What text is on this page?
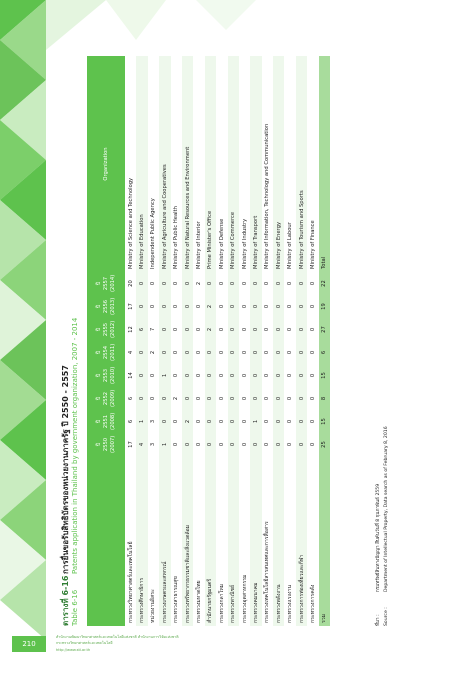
210
สำนักงานพัฒนาวิทยาศาสตร์และเทคโนโลยีแห่งชาติ สำนักงานการวิจัยแห่งชาติ
กระทรวงวิทยาศาสตร์และเทคโนโลยี
http://www.sti.or.th
ตารางที่ 6-16
การยื่นขอรับสิทธิบัตรของหน่วยงานภาครัฐ ปี 2550 - 2557
Table 6-16
Patents application in Thailand by government organization, 2007 - 2014
		ปี 2550
(2007)	ปี 2551
(2008)	ปี 2552
(2009)	ปี 2553
(2010)	ปี 2554
(2011)	ปี 2555
(2012)	ปี 2556
(2013)	ปี 2557
(2014)	Organization
กระทรวงวิทยาศาสตร์และเทคโนโลยี	17	6	6	14	4	12	17	20	Ministry of Science and Technology
กระทรวงศึกษาธิการ	4	1	0	0	0	6	0	0	Ministry of Education
หน่วยงานอิสระ	3	3	0	0	2	7	0	0	Independent Public Agency
กระทรวงเกษตรและสหกรณ์	1	0	0	1	0	0	0	0	Ministry of Agriculture and Cooperatives
กระทรวงสาธารณสุข	0	0	2	0	0	0	0	0	Ministry of Public Health
กระทรวงทรัพยากรธรรมชาติและสิ่งแวดล้อม	0	2	0	0	0	0	0	0	Ministry of Natural Resources and Environment
กระทรวงมหาดไทย	0	0	0	0	0	0	0	2	Ministry of Interior
สำนักนายกรัฐมนตรี	0	0	0	0	0	2	2	0	Prime Minister's Office
กระทรวงกลาโหม	0	0	0	0	0	0	0	0	Ministry of Defense
กระทรวงพาณิชย์	0	0	0	0	0	0	0	0	Ministry of Commerce
กระทรวงอุตสาหกรรม	0	0	0	0	0	0	0	0	Ministry of Industry
กระทรวงคมนาคม	0	1	0	0	0	0	0	0	Ministry of Transport
กระทรวงเทคโนโลยีสารสนเทศและการสื่อสาร	0	0	0	0	0	0	0	0	Ministry of Information, Technology and Communication
กระทรวงพลังงาน	0	0	0	0	0	0	0	0	Ministry of Energy
กระทรวงแรงงาน	0	0	0	0	0	0	0	0	Ministry of Labour
กระทรวงการท่องเที่ยวและกีฬา	0	0	0	0	0	0	0	0	Ministry of Tourism and Sports
กระทรวงการคลัง	0	0	0	0	0	0	0	0	Ministry of Finance
รวม	25	15	8	15	6	27	19	22	Total
ที่มา :กรมทรัพย์สินทางปัญญา สืบค้นวันที่ 8 กุมภาพันธ์ 2559
Source :Department of Intellectual Property, Data search as of February 8, 2016
